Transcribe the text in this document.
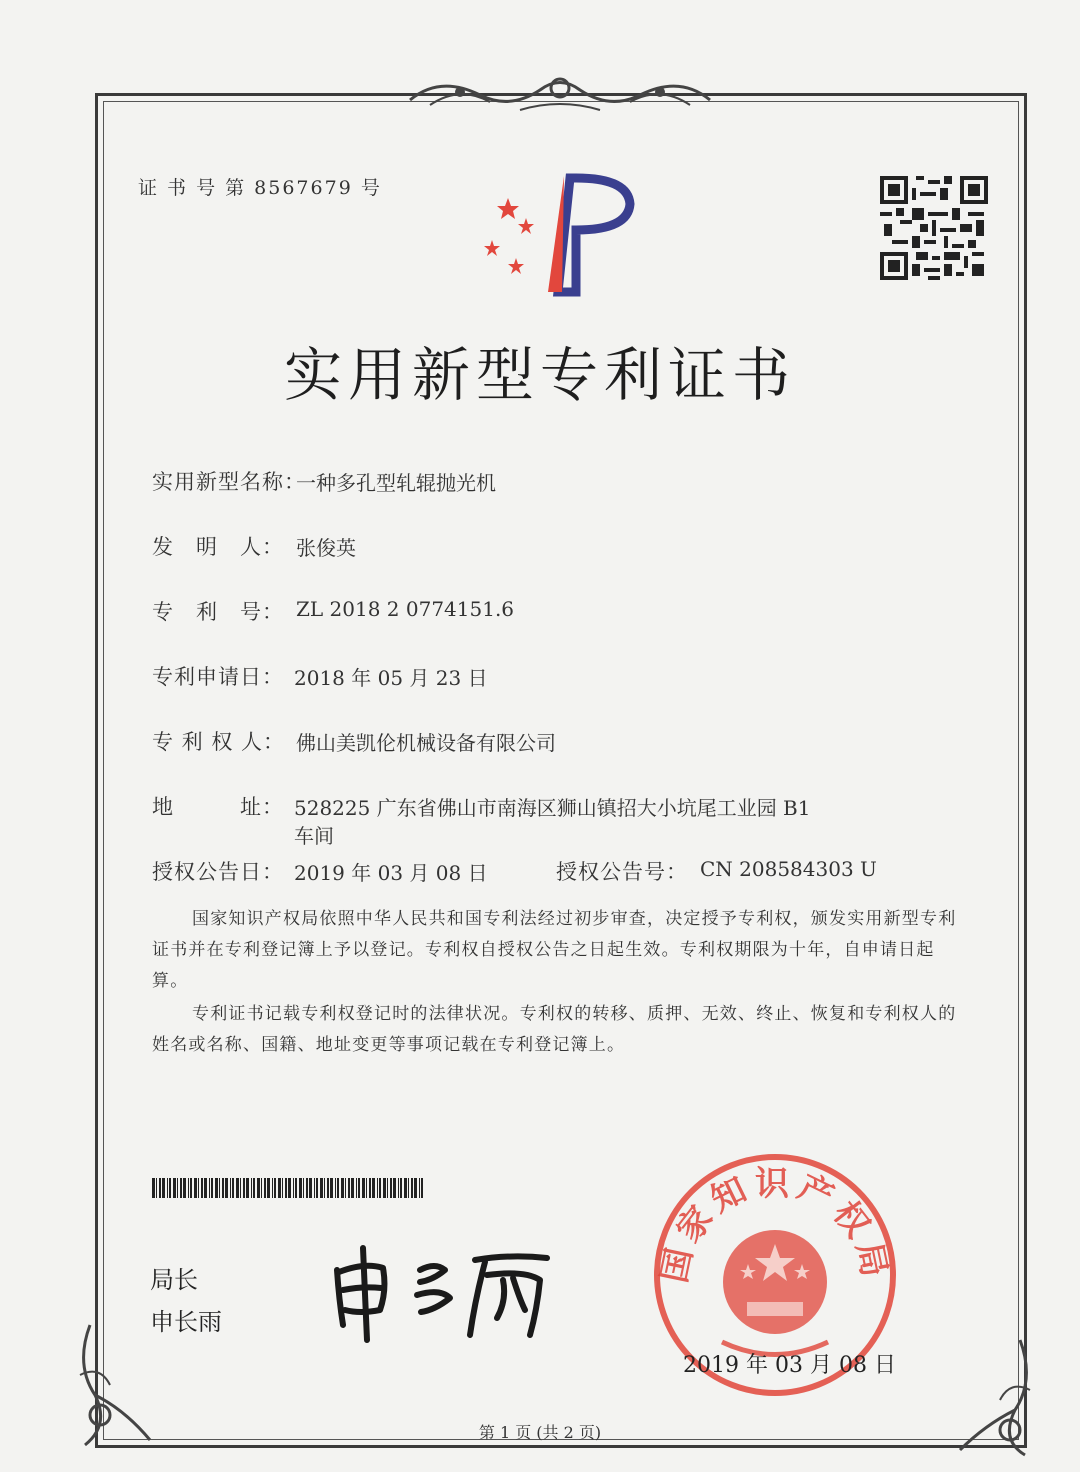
证 书 号 第 8567679 号
实用新型专利证书
实用新型名称：
一种多孔型轧辊抛光机
发　明　人： 张俊英
专　利　号： ZL 2018 2 0774151.6
专利申请日： 2018 年 05 月 23 日
专 利 权 人： 佛山美凯伦机械设备有限公司
地　　　址： 528225 广东省佛山市南海区狮山镇招大小坑尾工业园 B1
车间
授权公告日： 2019 年 03 月 08 日	授权公告号： CN 208584303 U
国家知识产权局依照中华人民共和国专利法经过初步审查，决定授予专利权，颁发实用新型专利证书并在专利登记簿上予以登记。专利权自授权公告之日起生效。专利权期限为十年，自申请日起算。
专利证书记载专利权登记时的法律状况。专利权的转移、质押、无效、终止、恢复和专利权人的姓名或名称、国籍、地址变更等事项记载在专利登记簿上。
局长
申长雨
国家知识产权局
2019 年 03 月 08 日
第 1 页 (共 2 页)
